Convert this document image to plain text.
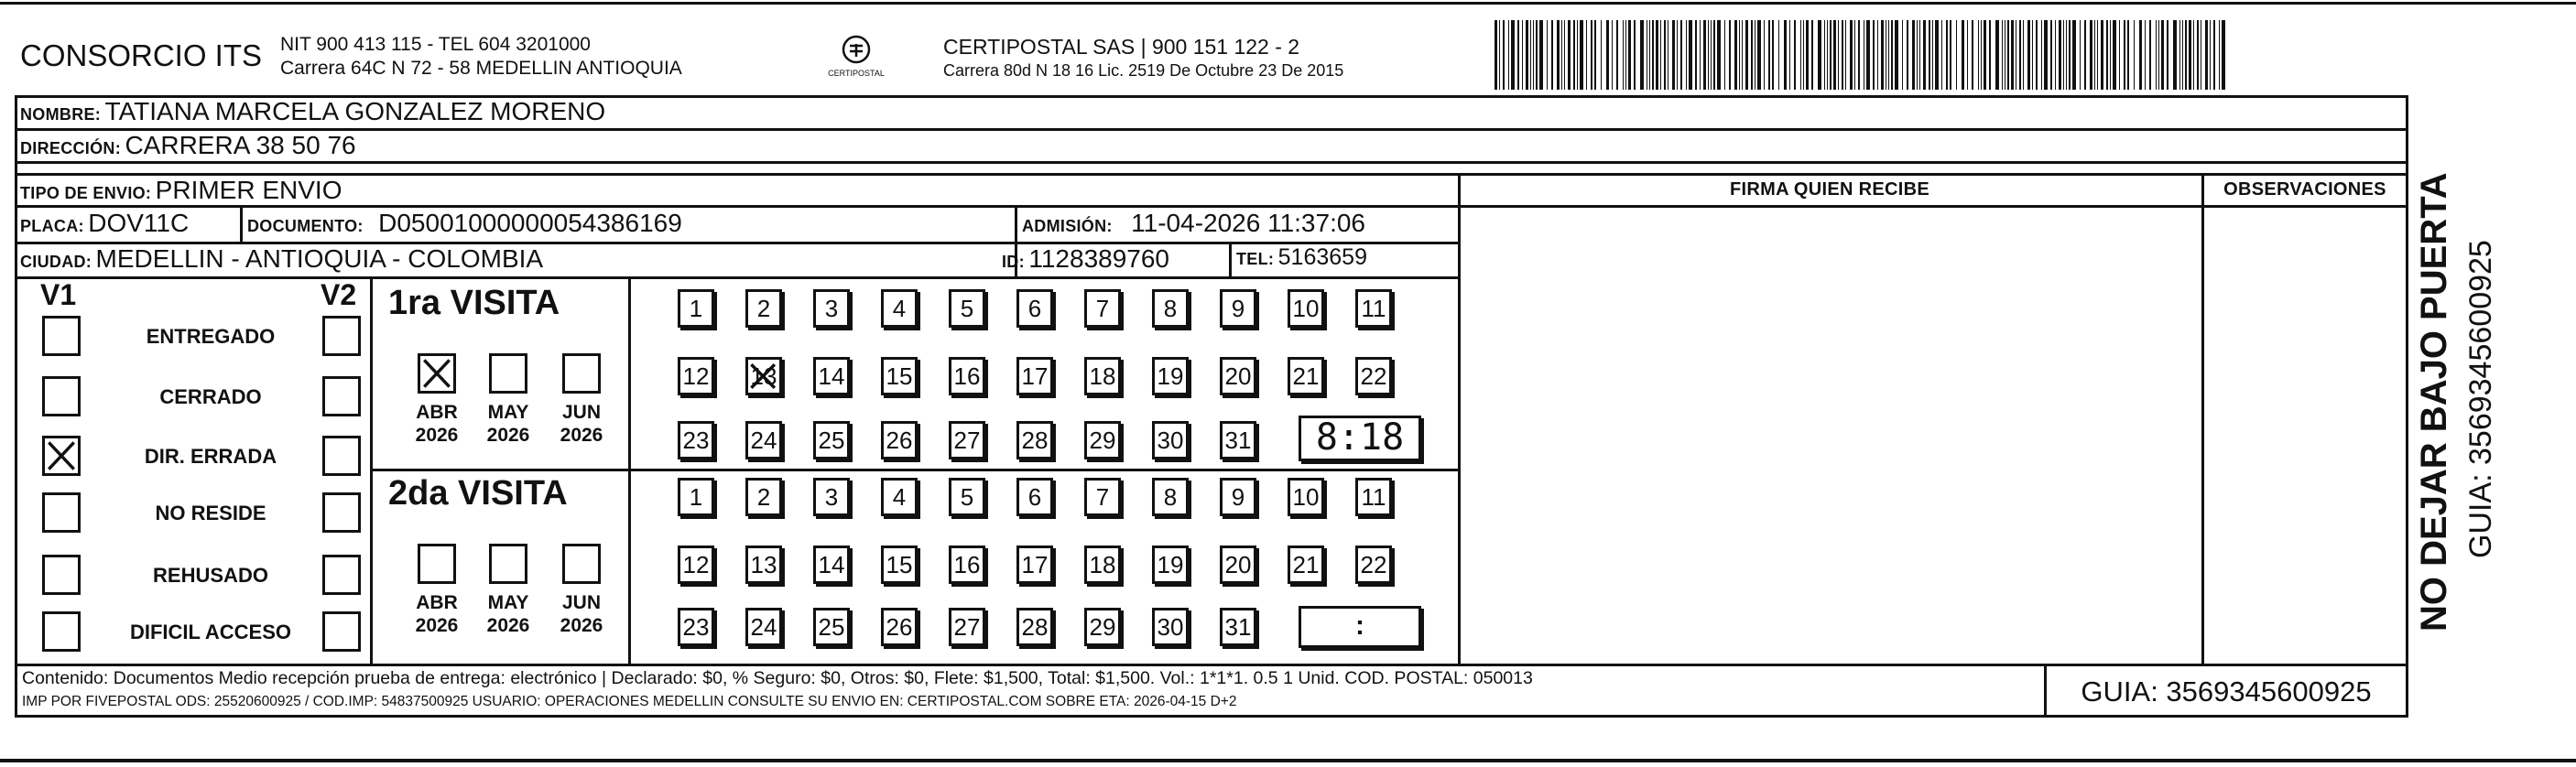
CONSORCIO ITS NIT 900 413 115 - TEL 604 3201000
Carrera 64C N 72 - 58 MEDELLIN ANTIOQUIA	CERTIPOSTAL
CERTIPOSTAL SAS | 900 151 122 - 2
Carrera 80d N 18 16 Lic. 2519 De Octubre 23 De 2015
FIRMA QUIEN RECIBE	OBSERVACIONES
NOMBRE: TATIANA MARCELA GONZALEZ MORENO
DIRECCIÓN: CARRERA 38 50 76
TIPO DE ENVIO: PRIMER ENVIO
PLACA: DOV11C	DOCUMENTO: D05001000000054386169	ADMISIÓN: 11-04-2026 11:37:06
CIUDAD: MEDELLIN - ANTIOQUIA - COLOMBIA	ID: 1128389760	TEL: 5163659
V1	V2
ENTREGADO
CERRADO
DIR. ERRADA
NO RESIDE
REHUSADO
DIFICIL ACCESO
1ra VISITA
ABR
2026
MAY
2026
JUN
2026
1	2	3	4	5	6	7	8	9	10 11
12 13 14 15 16 17 18 19 20 21 22
23 24 25 26 27 28 29 30 31	8:18
2da VISITA
ABR
2026
MAY
2026
JUN
2026
1	2	3	4	5	6	7	8	9	10 11
12 13 14 15 16 17 18 19 20 21 22
23 24 25 26 27 28 29 30 31	:
Contenido: Documentos Medio recepción prueba de entrega: electrónico | Declarado: $0, % Seguro: $0, Otros: $0, Flete: $1,500, Total: $1,500. Vol.: 1*1*1. 0.5 1 Unid. COD. POSTAL: 050013
IMP POR FIVEPOSTAL ODS: 25520600925 / COD.IMP: 54837500925 USUARIO: OPERACIONES MEDELLIN CONSULTE SU ENVIO EN: CERTIPOSTAL.COM SOBRE ETA: 2026-04-15 D+2	GUIA: 3569345600925
NO DEJAR BAJO PUERTA GUIA: 3569345600925
